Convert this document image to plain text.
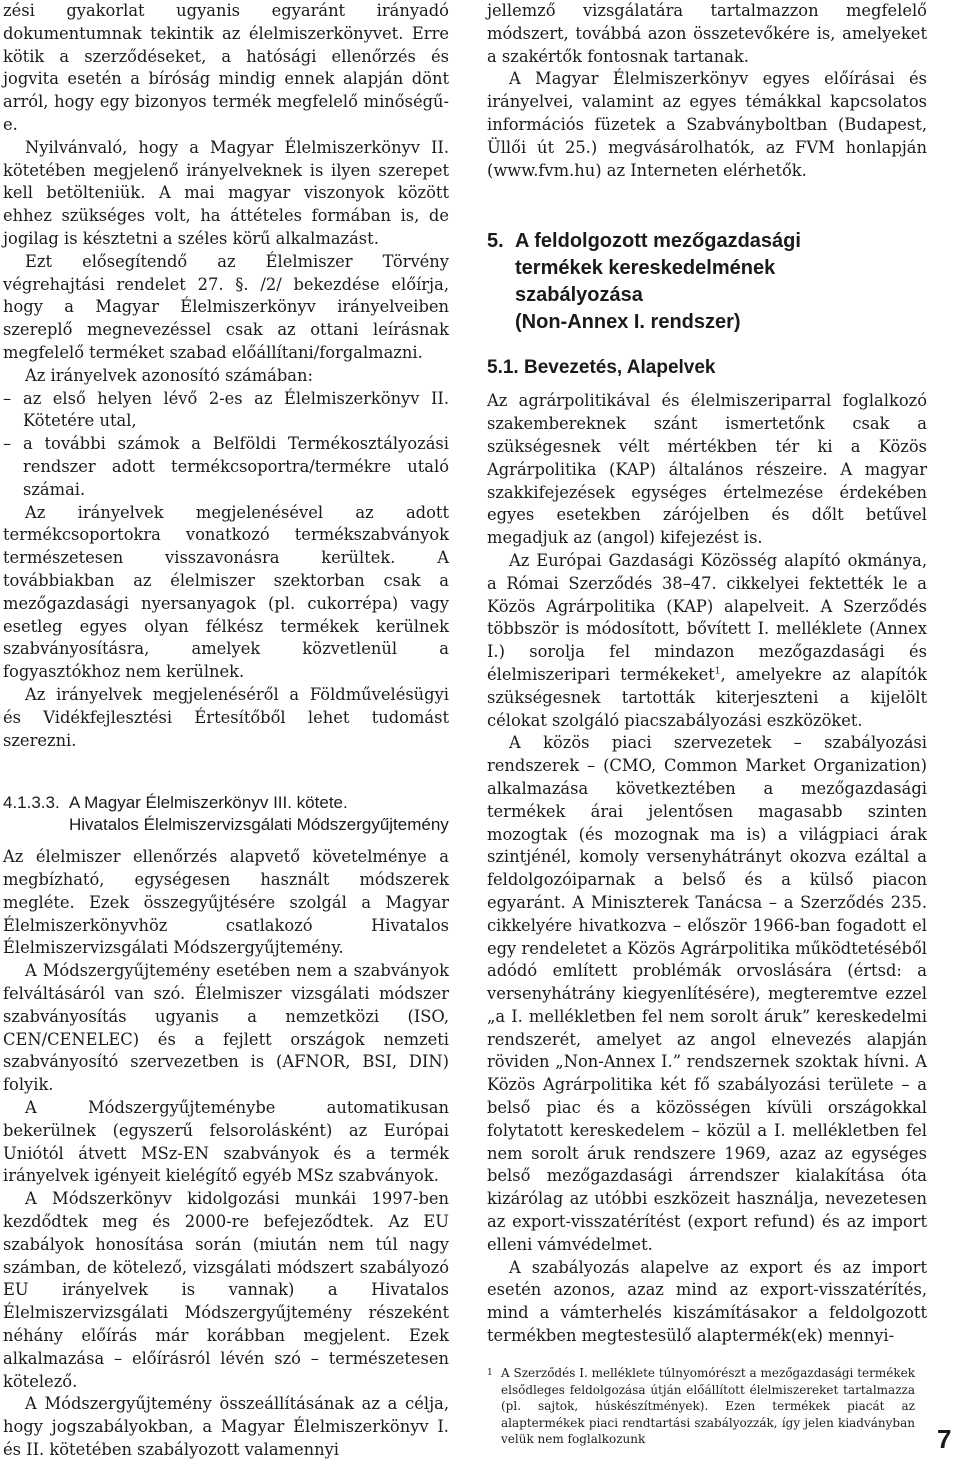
zési gyakorlat ugyanis egyaránt irányadó dokumentumnak tekintik az élelmiszerkönyvet. Erre kötik a szerződéseket, a hatósági ellenőrzés és jogvita esetén a bíróság mindig ennek alapján dönt arról, hogy egy bizonyos termék megfelelő minőségű-e.

Nyilvánvaló, hogy a Magyar Élelmiszerkönyv II. kötetében megjelenő irányelveknek is ilyen szerepet kell betölteniük. A mai magyar viszonyok között ehhez szükséges volt, ha áttételes formában is, de jogilag is késztetni a széles körű alkalmazást.

Ezt elősegítendő az Élelmiszer Törvény végrehajtási rendelet 27. §. /2/ bekezdése előírja, hogy a Magyar Élelmiszerkönyv irányelveiben szereplő megnevezéssel csak az ottani leírásnak megfelelő terméket szabad előállítani/forgalmazni.

Az irányelvek azonosító számában:

– az első helyen lévő 2-es az Élelmiszerkönyv II. Kötetére utal,
– a további számok a Belföldi Termékosztályozási rendszer adott termékcsoportra/termékre utaló számai.

Az irányelvek megjelenésével az adott termékcsoportokra vonatkozó termékszabványok természetesen visszavonásra kerültek. A továbbiakban az élelmiszer szektorban csak a mezőgazdasági nyersanyagok (pl. cukorrépa) vagy esetleg egyes olyan félkész termékek kerülnek szabványosításra, amelyek közvetlenül a fogyasztókhoz nem kerülnek.

Az irányelvek megjelenéséről a Földművelésügyi és Vidékfejlesztési Értesítőből lehet tudomást szerezni.

4.1.3.3. A Magyar Élelmiszerkönyv III. kötete.
Hivatalos Élelmiszervizsgálati Módszergyűjtemény

Az élelmiszer ellenőrzés alapvető követelménye a megbízható, egységesen használt módszerek megléte. Ezek összegyűjtésére szolgál a Magyar Élelmiszerkönyvhöz csatlakozó Hivatalos Élelmiszervizsgálati Módszergyűjtemény.

A Módszergyűjtemény esetében nem a szabványok felváltásáról van szó. Élelmiszer vizsgálati módszer szabványosítás ugyanis a nemzetközi (ISO, CEN/CENELEC) és a fejlett országok nemzeti szabványosító szervezetben is (AFNOR, BSI, DIN) folyik.

A Módszergyűjteménybe automatikusan bekerülnek (egyszerű felsorolásként) az Európai Uniótól átvett MSz-EN szabványok és a termék irányelvek igényeit kielégítő egyéb MSz szabványok.

A Módszerkönyv kidolgozási munkái 1997-ben kezdődtek meg és 2000-re befejeződtek. Az EU szabályok honosítása során (miután nem túl nagy számban, de kötelező, vizsgálati módszert szabályozó EU irányelvek is vannak) a Hivatalos Élelmiszervizsgálati Módszergyűjtemény részeként néhány előírás már korábban megjelent. Ezek alkalmazása – előírásról lévén szó – természetesen kötelező.

A Módszergyűjtemény összeállításának az a célja, hogy jogszabályokban, a Magyar Élelmiszerkönyv I. és II. kötetében szabályozott valamennyi

jellemző vizsgálatára tartalmazzon megfelelő módszert, továbbá azon összetevőkére is, amelyeket a szakértők fontosnak tartanak.

A Magyar Élelmiszerkönyv egyes előírásai és irányelvei, valamint az egyes témákkal kapcsolatos információs füzetek a Szabványboltban (Budapest, Üllői út 25.) megvásárolhatók, az FVM honlapján (www.fvm.hu) az Interneten elérhetők.

5. A feldolgozott mezőgazdasági
termékek kereskedelmének
szabályozása
(Non-Annex I. rendszer)
5.1. Bevezetés, Alapelvek

Az agrárpolitikával és élelmiszeriparral foglalkozó szakembereknek szánt ismertetőnk csak a szükségesnek vélt mértékben tér ki a Közös Agrárpolitika (KAP) általános részeire. A magyar szakkifejezések egységes értelmezése érdekében egyes esetekben zárójelben és dőlt betűvel megadjuk az (angol) kifejezést is.

Az Európai Gazdasági Közösség alapító okmánya, a Római Szerződés 38–47. cikkelyei fektették le a Közös Agrárpolitika (KAP) alapelveit. A Szerződés többször is módosított, bővített I. melléklete (Annex I.) sorolja fel mindazon mezőgazdasági és élelmiszeripari termékeket$^1$, amelyekre az alapítók szükségesnek tartották kiterjeszteni a kijelölt célokat szolgáló piacszabályozási eszközöket.

A közös piaci szervezetek – szabályozási rendszerek – (CMO, Common Market Organization) alkalmazása következtében a mezőgazdasági termékek árai jelentősen magasabb szinten mozogtak (és mozognak ma is) a világpiaci árak szintjénél, komoly versenyhátrányt okozva ezáltal a feldolgozóiparnak a belső és a külső piacon egyaránt. A Miniszterek Tanácsa – a Szerződés 235. cikkelyére hivatkozva – először 1966-ban fogadott el egy rendeletet a Közös Agrárpolitika működtetéséből adódó említett problémák orvoslására (értsd: a versenyhátrány kiegyenlítésére), megteremtve ezzel „a I. mellékletben fel nem sorolt áruk” kereskedelmi rendszerét, amelyet az angol elnevezés alapján röviden „Non-Annex I.” rendszernek szoktak hívni. A Közös Agrárpolitika két fő szabályozási területe – a belső piac és a közösségen kívüli országokkal folytatott kereskedelem – közül a I. mellékletben fel nem sorolt áruk rendszere 1969, azaz az egységes belső mezőgazdasági árrendszer kialakítása óta kizárólag az utóbbi eszközeit használja, nevezetesen az export-visszatérítést (export refund) és az import elleni vámvédelmet.

A szabályozás alapelve az export és az import esetén azonos, azaz mind az export-visszatérítés, mind a vámterhelés kiszámításakor a feldolgozott termékben megtestesülő alaptermék(ek) mennyi-

1 A Szerződés I. melléklete túlnyomórészt a mezőgazdasági termékek elsődleges feldolgozása útján előállított élelmiszereket tartalmazza (pl. sajtok, húskészítmények). Ezen termékek piacát az alaptermékek piaci rendtartási szabályozzák, így jelen kiadványban velük nem foglalkozunk	7
